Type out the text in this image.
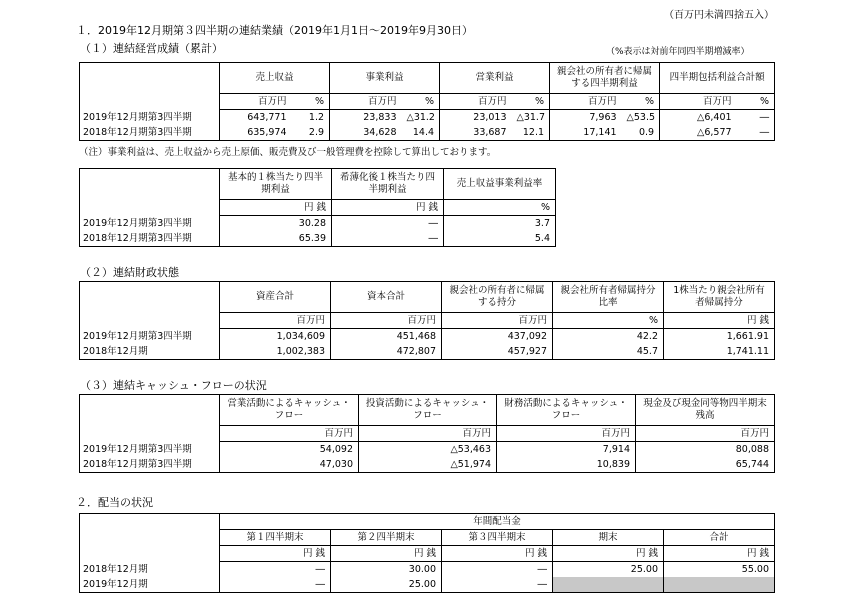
（百万円未満四捨五入）
１．2019年12月期第３四半期の連結業績（2019年1月1日～2019年9月30日）
（１）連結経営成績（累計）	（%表示は対前年同四半期増減率）
	売上収益		事業利益		営業利益		親会社の所有者に帰属する四半期利益		四半期包括利益合計額	
	百万円	%	百万円	%	百万円	%	百万円	%	百万円	%
2019年12月期第3四半期	643,771	1.2	23,833	△31.2	23,013	△31.7	7,963	△53.5	△6,401	―
2018年12月期第3四半期	635,974	2.9	34,628	14.4	33,687	12.1	17,141	0.9	△6,577	―
（注）事業利益は、売上収益から売上原価、販売費及び一般管理費を控除して算出しております。
	基本的１株当たり四半期利益	希薄化後１株当たり四半期利益	売上収益事業利益率
	円 銭	円 銭	%
2019年12月期第3四半期	30.28	―	3.7
2018年12月期第3四半期	65.39	―	5.4
（２）連結財政状態
	資産合計	資本合計	親会社の所有者に帰属する持分	親会社所有者帰属持分比率	1株当たり親会社所有者帰属持分
	百万円	百万円	百万円	%	円 銭
2019年12月期第3四半期	1,034,609	451,468	437,092	42.2	1,661.91
2018年12月期	1,002,383	472,807	457,927	45.7	1,741.11
（３）連結キャッシュ・フローの状況
	営業活動によるキャッシュ・フロー	投資活動によるキャッシュ・フロー	財務活動によるキャッシュ・フロー	現金及び現金同等物四半期末残高
	百万円	百万円	百万円	百万円
2019年12月期第3四半期	54,092	△53,463	7,914	80,088
2018年12月期第3四半期	47,030	△51,974	10,839	65,744
２．配当の状況
	年間配当金				
	第１四半期末	第２四半期末	第３四半期末	期末	合計
	円 銭	円 銭	円 銭	円 銭	円 銭
2018年12月期	―	30.00	―	25.00	55.00
2019年12月期	―	25.00	―		
